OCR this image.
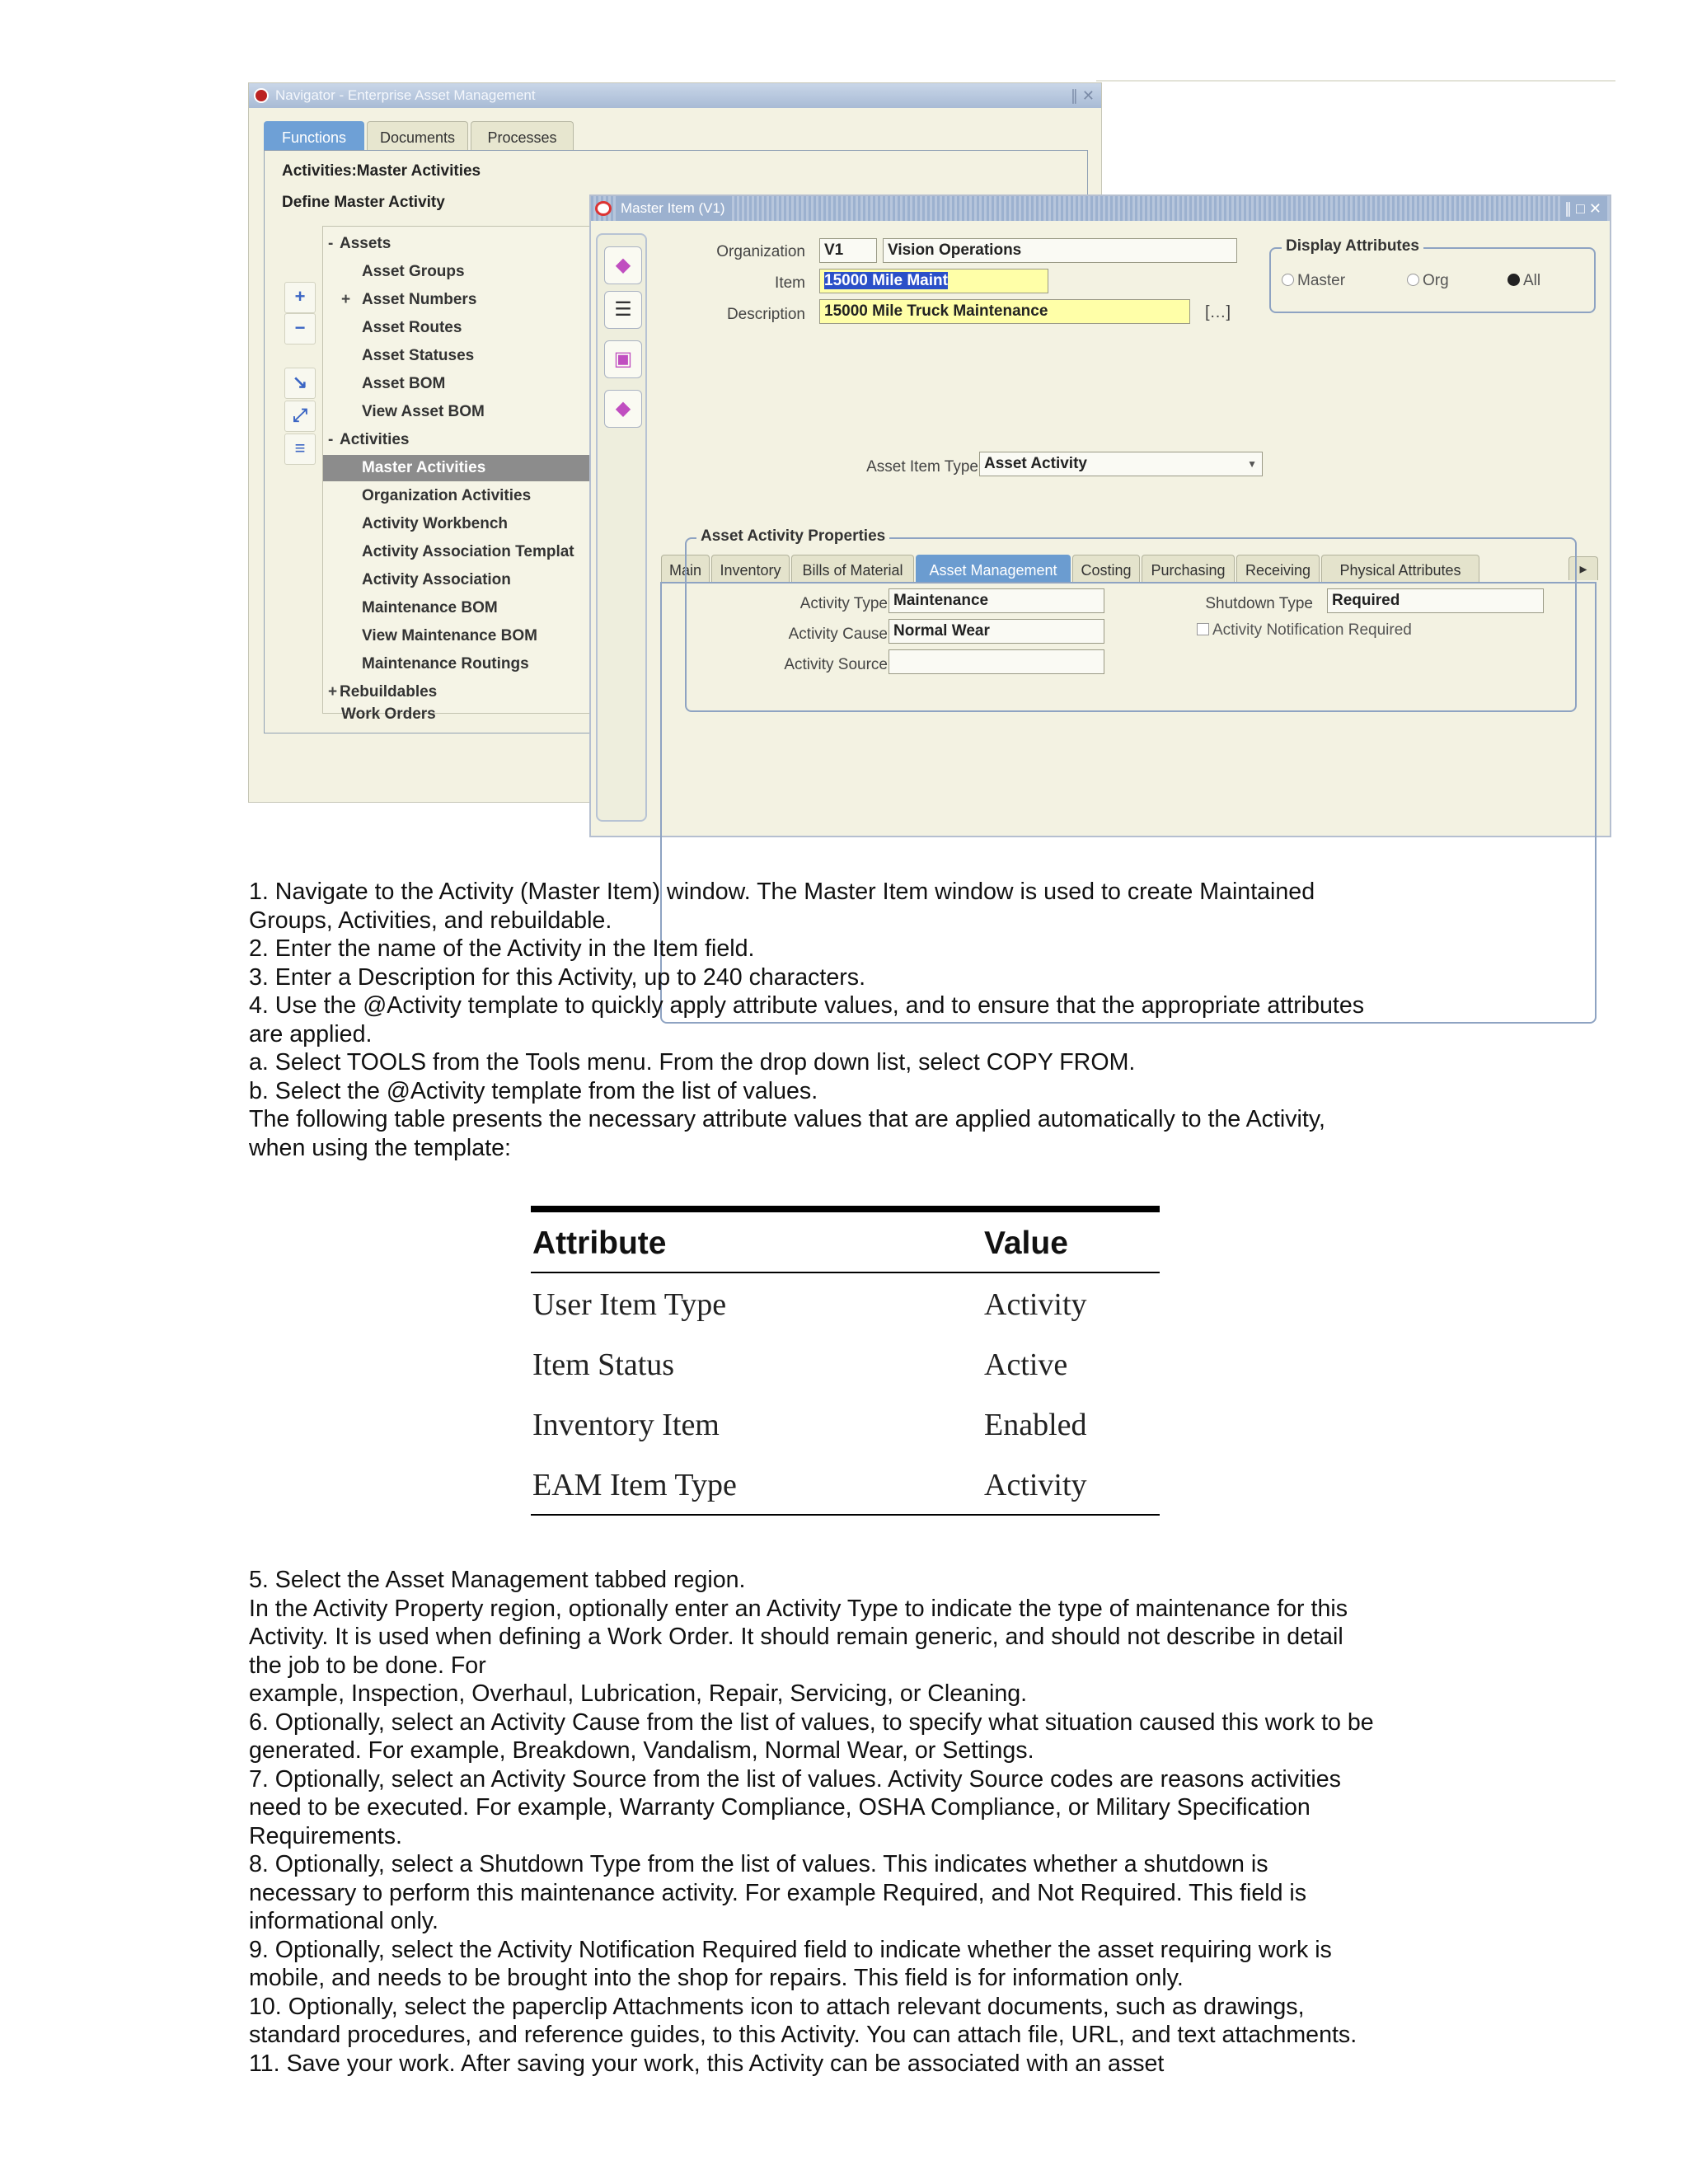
Navigator - Enterprise Asset Management	∥ ✕
Functions	Documents	Processes
Activities:Master Activities
Define Master Activity
+
−
↘
⤢
≡
- Assets
Asset Groups
+ Asset Numbers
Asset Routes
Asset Statuses
Asset BOM
View Asset BOM
- Activities
Master Activities
Organization Activities
Activity Workbench
Activity Association Templat
Activity Association
Maintenance BOM
View Maintenance BOM
Maintenance Routings
+ Rebuildables
Work Orders
Master Item (V1)	∥ □ ✕
◆
☰
▣
◆
Organization	V1	Vision Operations
Item	15000 Mile Maint
Description	15000 Mile Truck Maintenance	[…]
Display Attributes
Master	Org	All
Main	Inventory	Bills of Material	Asset Management	Costing	Purchasing	Receiving	Physical Attributes	▸
Asset Item Type Asset Activity	▼
Asset Activity Properties
Activity Type Maintenance
Activity Cause Normal Wear
Activity Source
Shutdown Type	Required
Activity Notification Required
1. Navigate to the Activity (Master Item) window. The Master Item window is used to create Maintained
Groups, Activities, and rebuildable.
2. Enter the name of the Activity in the Item field.
3. Enter a Description for this Activity, up to 240 characters.
4. Use the @Activity template to quickly apply attribute values, and to ensure that the appropriate attributes
are applied.
a. Select TOOLS from the Tools menu. From the drop down list, select COPY FROM.
b. Select the @Activity template from the list of values.
The following table presents the necessary attribute values that are applied automatically to the Activity,
when using the template:
Attribute	Value
User Item Type	Activity
Item Status	Active
Inventory Item	Enabled
EAM Item Type	Activity
5. Select the Asset Management tabbed region.
In the Activity Property region, optionally enter an Activity Type to indicate the type of maintenance for this
Activity. It is used when defining a Work Order. It should remain generic, and should not describe in detail
the job to be done. For
example, Inspection, Overhaul, Lubrication, Repair, Servicing, or Cleaning.
6. Optionally, select an Activity Cause from the list of values, to specify what situation caused this work to be
generated. For example, Breakdown, Vandalism, Normal Wear, or Settings.
7. Optionally, select an Activity Source from the list of values. Activity Source codes are reasons activities
need to be executed. For example, Warranty Compliance, OSHA Compliance, or Military Specification
Requirements.
8. Optionally, select a Shutdown Type from the list of values. This indicates whether a shutdown is
necessary to perform this maintenance activity. For example Required, and Not Required. This field is
informational only.
9. Optionally, select the Activity Notification Required field to indicate whether the asset requiring work is
mobile, and needs to be brought into the shop for repairs. This field is for information only.
10. Optionally, select the paperclip Attachments icon to attach relevant documents, such as drawings,
standard procedures, and reference guides, to this Activity. You can attach file, URL, and text attachments.
11. Save your work. After saving your work, this Activity can be associated with an asset
